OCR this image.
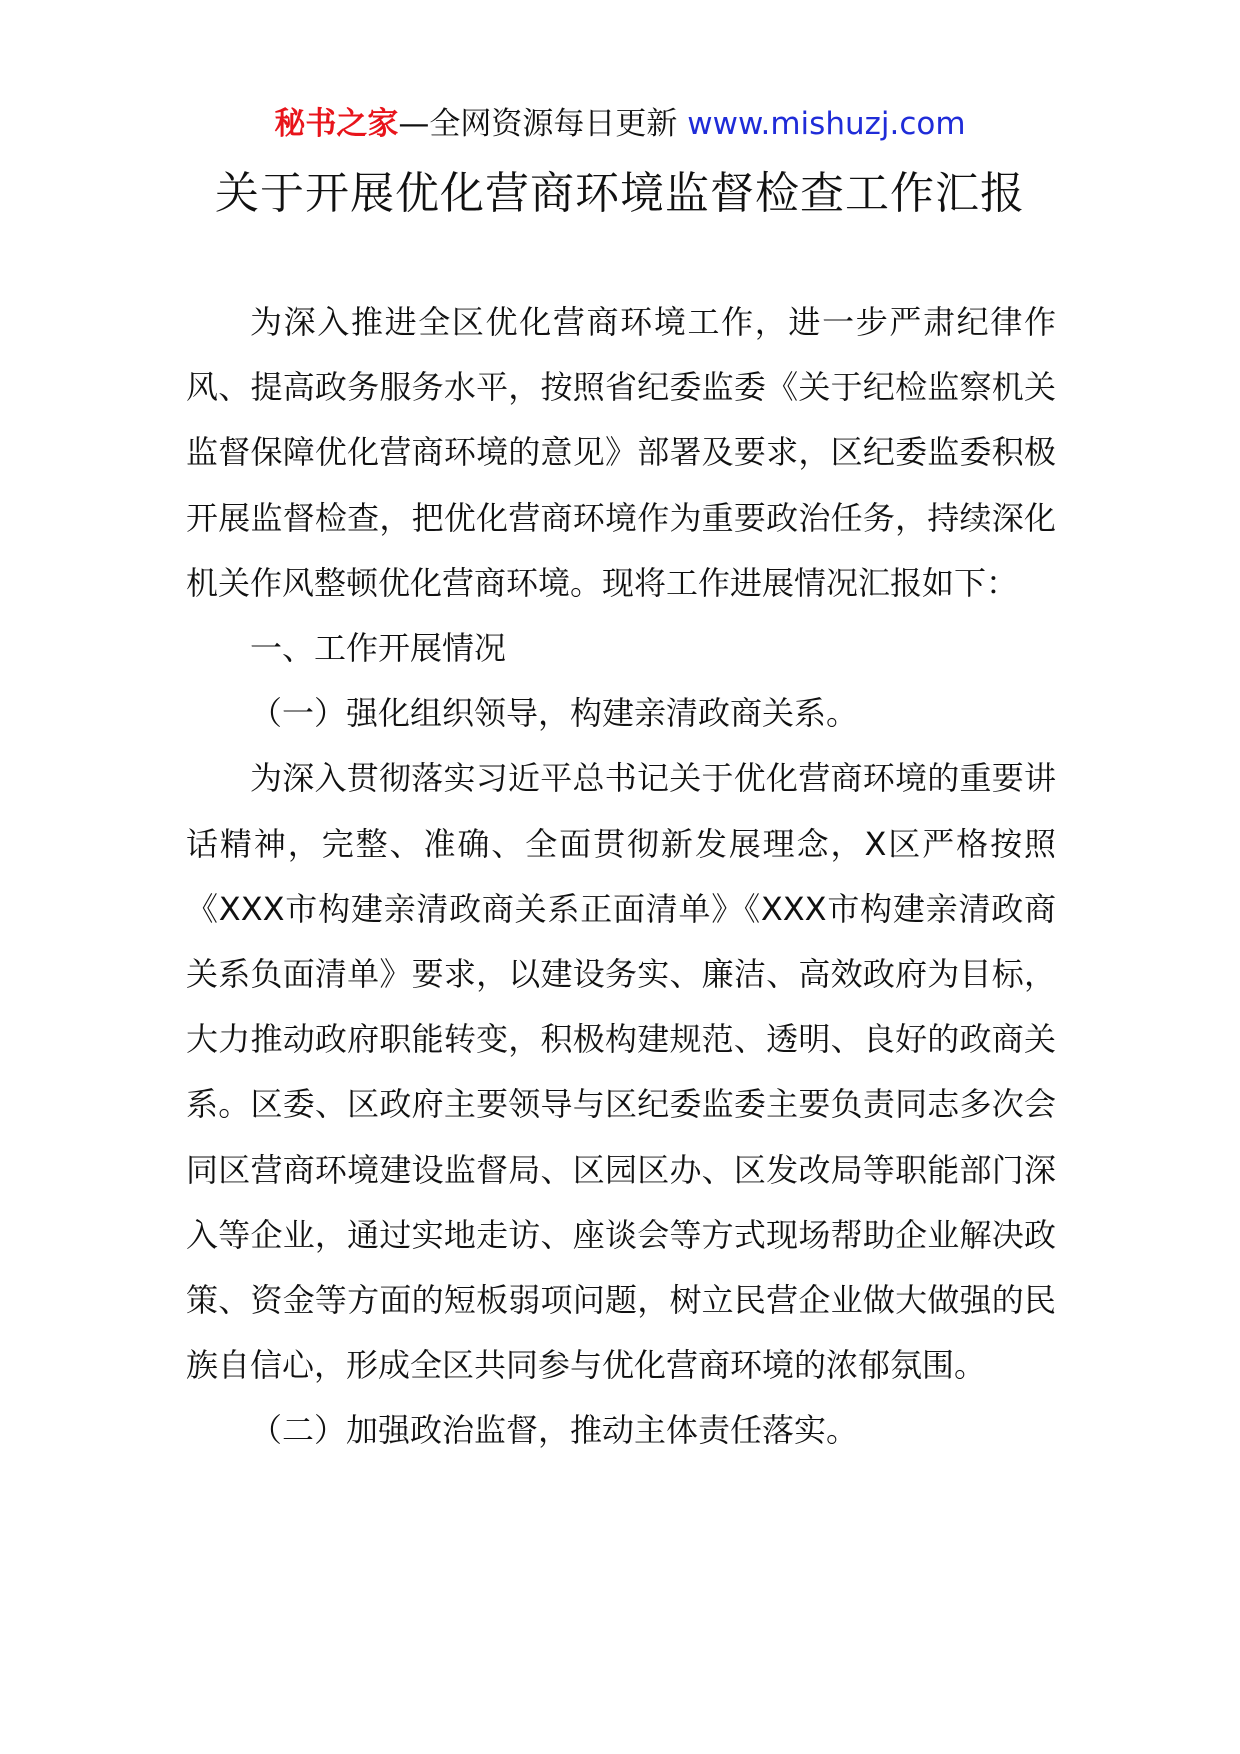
秘书之家—全网资源每日更新 www.mishuzj.com
关于开展优化营商环境监督检查工作汇报

为深入推进全区优化营商环境工作，进一步严肃纪律作风、提高政务服务水平，按照省纪委监委《关于纪检监察机关监督保障优化营商环境的意见》部署及要求，区纪委监委积极开展监督检查，把优化营商环境作为重要政治任务，持续深化机关作风整顿优化营商环境。现将工作进展情况汇报如下：

一、工作开展情况

（一）强化组织领导，构建亲清政商关系。

为深入贯彻落实习近平总书记关于优化营商环境的重要讲话精神，完整、准确、全面贯彻新发展理念，X区严格按照《XXX市构建亲清政商关系正面清单》《XXX市构建亲清政商关系负面清单》要求，以建设务实、廉洁、高效政府为目标，大力推动政府职能转变，积极构建规范、透明、良好的政商关系。区委、区政府主要领导与区纪委监委主要负责同志多次会同区营商环境建设监督局、区园区办、区发改局等职能部门深入等企业，通过实地走访、座谈会等方式现场帮助企业解决政策、资金等方面的短板弱项问题，树立民营企业做大做强的民族自信心，形成全区共同参与优化营商环境的浓郁氛围。

（二）加强政治监督，推动主体责任落实。
